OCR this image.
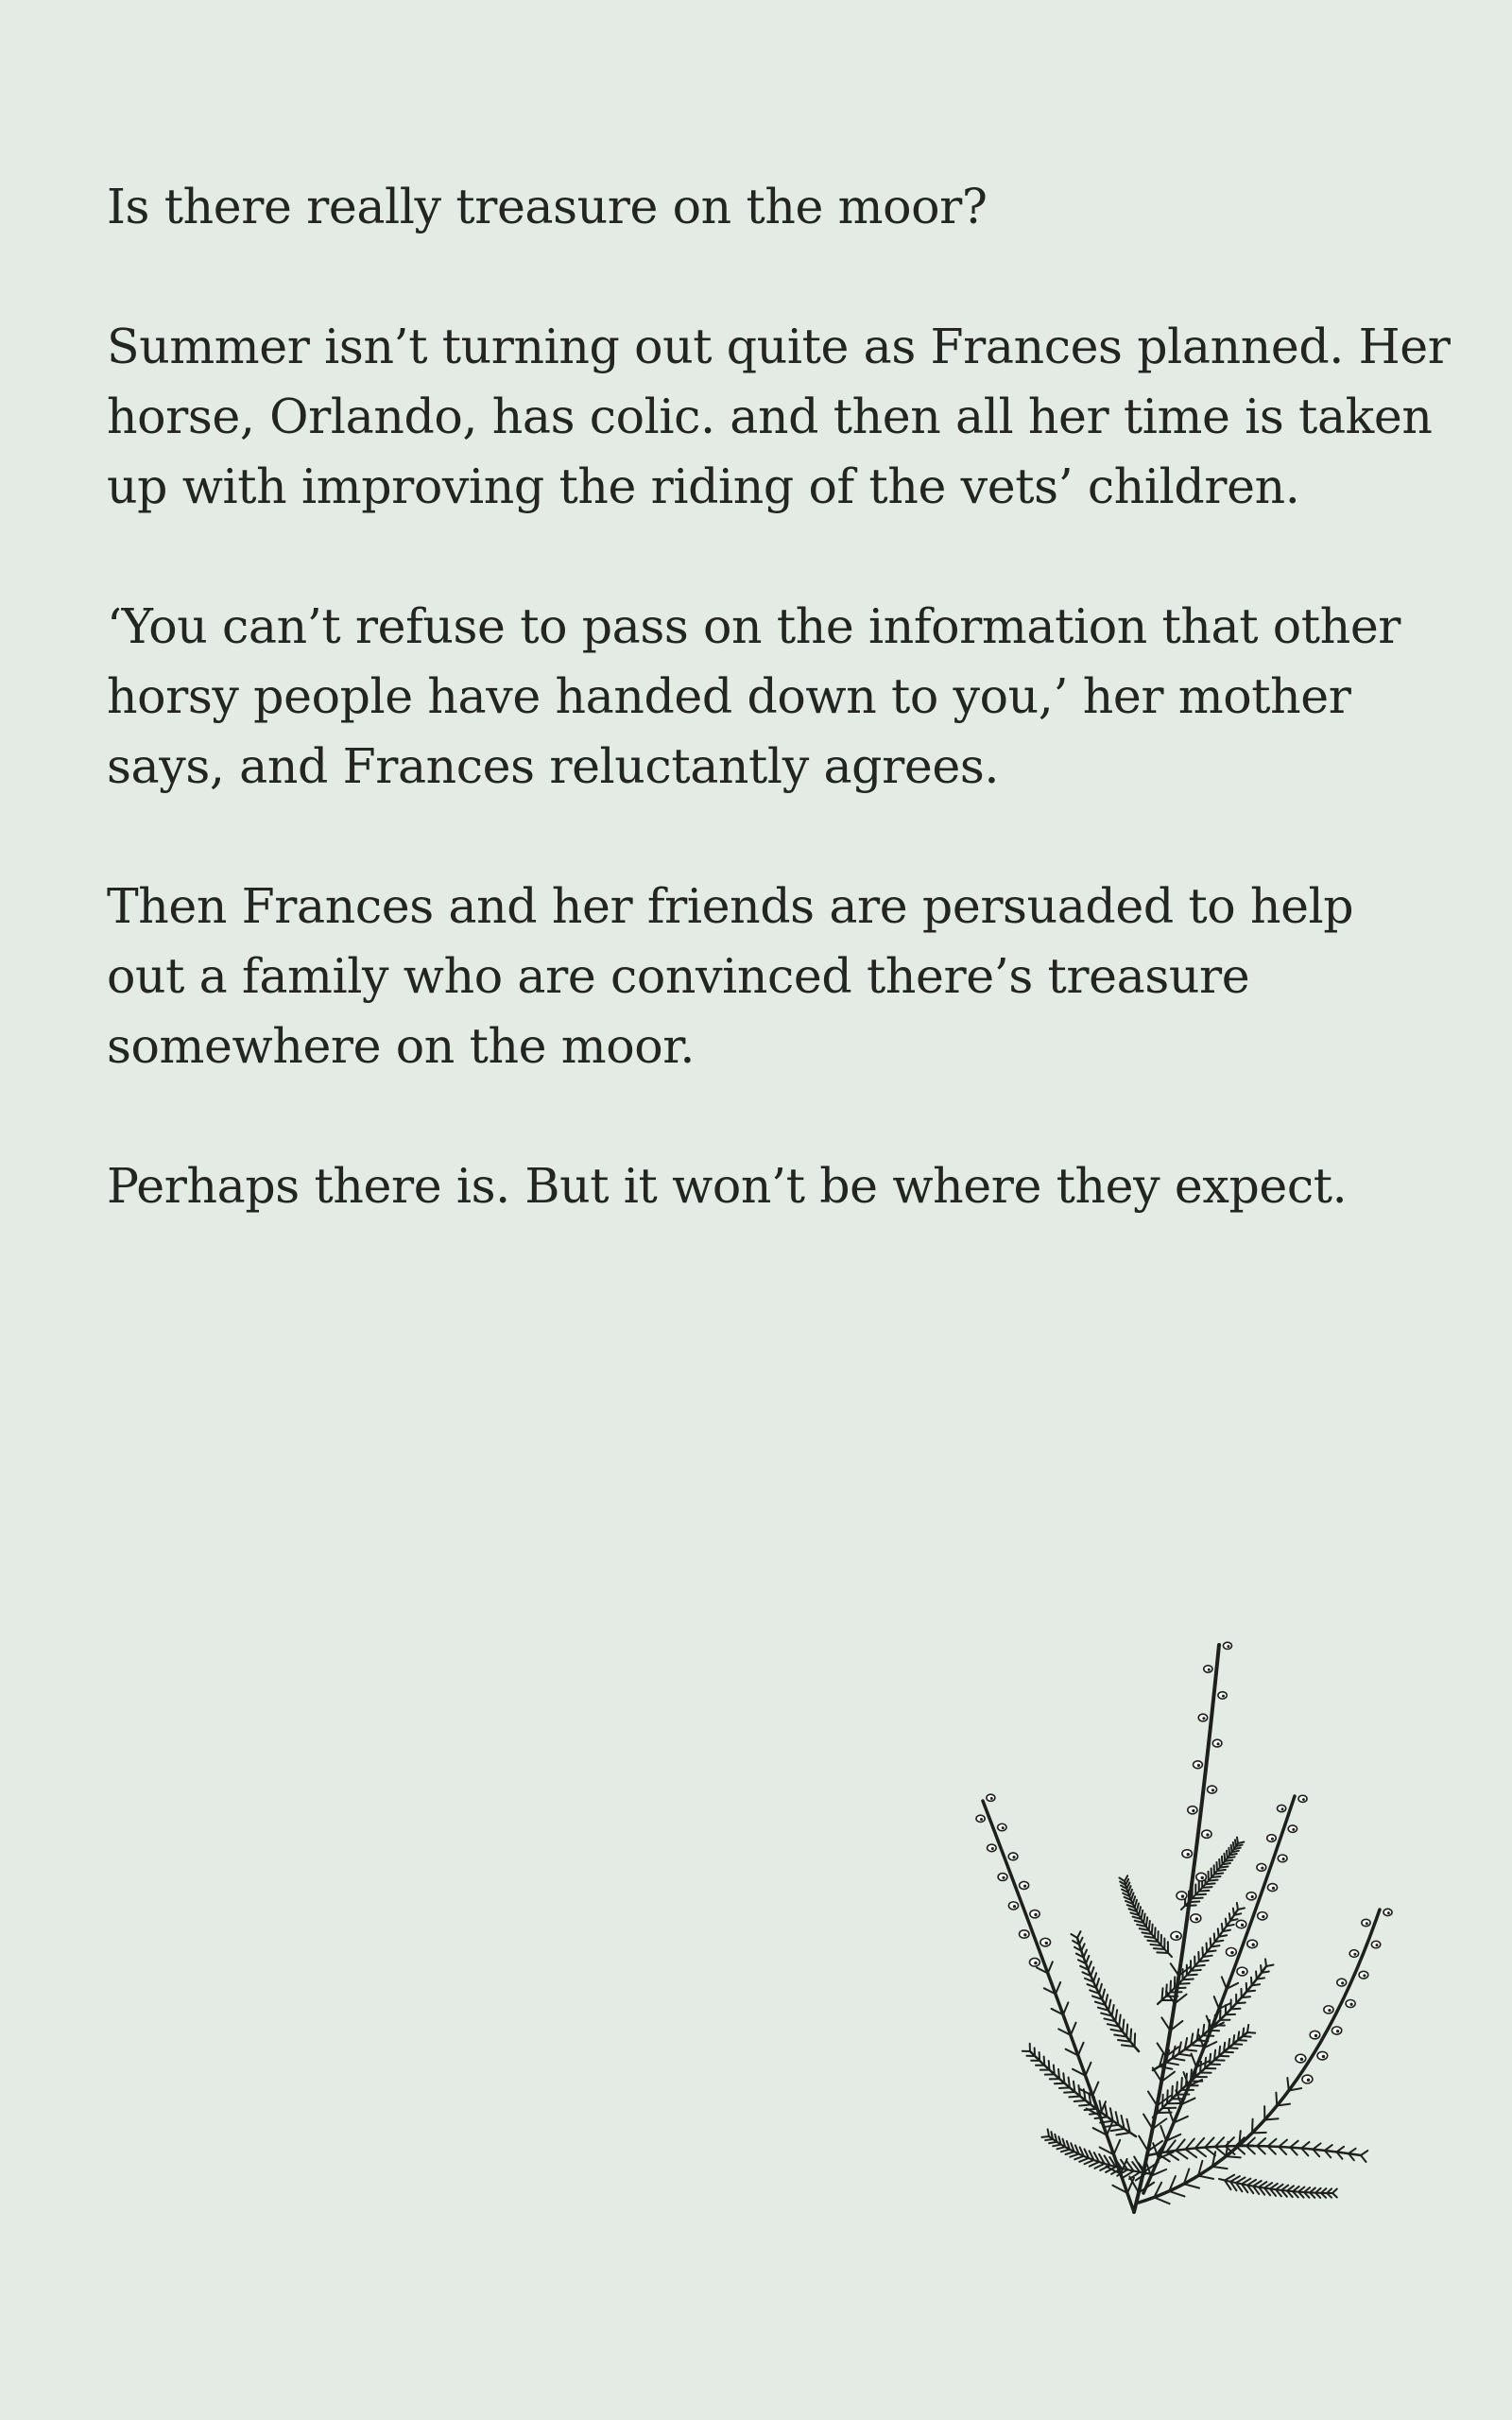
Is there really treasure on the moor?

Summer isn’t turning out quite as Frances planned. Her
horse, Orlando, has colic. and then all her time is taken
up with improving the riding of the vets’ children.

‘You can’t refuse to pass on the information that other
horsy people have handed down to you,’ her mother
says, and Frances reluctantly agrees.

Then Frances and her friends are persuaded to help
out a family who are convinced there’s treasure
somewhere on the moor.

Perhaps there is. But it won’t be where they expect.
